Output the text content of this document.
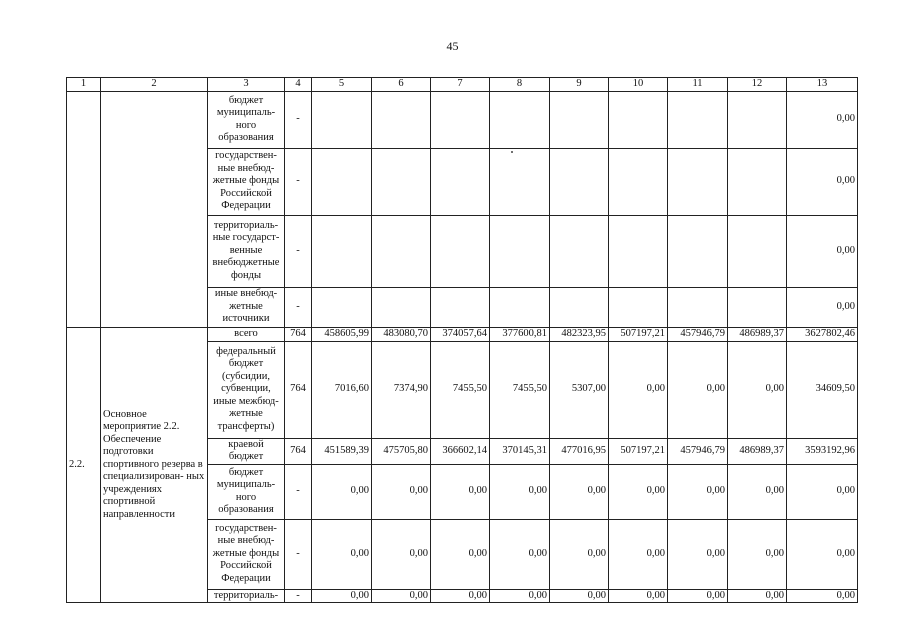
45
1	2	3	4	5	6	7	8	9	10	11	12	13
		бюджет муниципаль- ного образования	-									0,00
		государствен- ные внебюд- жетные фонды Российской Федерации	-									0,00
		территориаль- ные государст- венные внебюджетные фонды	-									0,00
		иные внебюд- жетные источники	-									0,00
2.2.	Основное мероприятие 2.2. Обеспечение подготовки спортивного резерва в специализирован- ных учреждениях спортивной направленности	всего	764	458605,99	483080,70	374057,64	377600,81	482323,95	507197,21	457946,79	486989,37	3627802,46
		федеральный бюджет (субсидии, субвенции, иные межбюд- жетные трансферты)	764	7016,60	7374,90	7455,50	7455,50	5307,00	0,00	0,00	0,00	34609,50
		краевой бюджет	764	451589,39	475705,80	366602,14	370145,31	477016,95	507197,21	457946,79	486989,37	3593192,96
		бюджет муниципаль- ного образования	-	0,00	0,00	0,00	0,00	0,00	0,00	0,00	0,00	0,00
		государствен- ные внебюд- жетные фонды Российской Федерации	-	0,00	0,00	0,00	0,00	0,00	0,00	0,00	0,00	0,00
		территориаль-	-	0,00	0,00	0,00	0,00	0,00	0,00	0,00	0,00	0,00
